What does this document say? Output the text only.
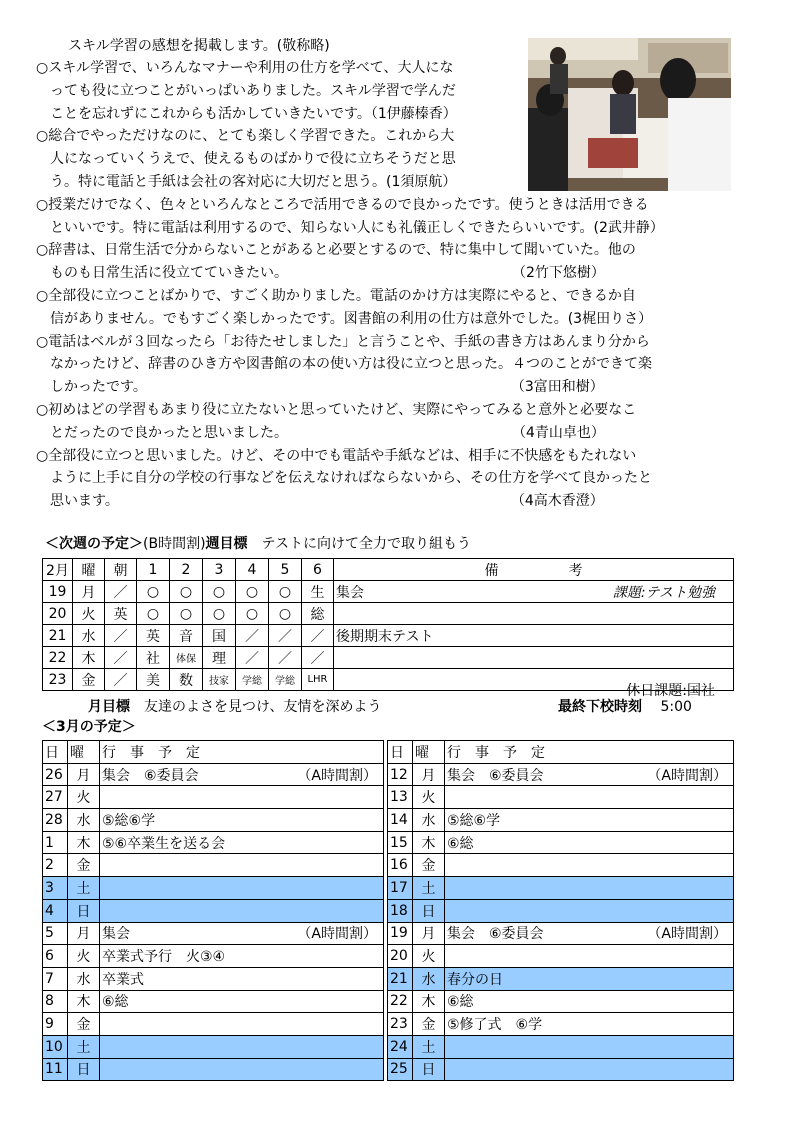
スキル学習の感想を掲載します。(敬称略)
○スキル学習で、いろんなマナーや利用の仕方を学べて、大人にな
　っても役に立つことがいっぱいありました。スキル学習で学んだ
　ことを忘れずにこれからも活かしていきたいです。（1伊藤榛香）
○総合でやっただけなのに、とても楽しく学習できた。これから大
　人になっていくうえで、使えるものばかりで役に立ちそうだと思
　う。特に電話と手紙は会社の客対応に大切だと思う。(1須原航）
○授業だけでなく、色々といろんなところで活用できるので良かったです。使うときは活用できる
　といいです。特に電話は利用するので、知らない人にも礼儀正しくできたらいいです。(2武井静）
○辞書は、日常生活で分からないことがあると必要とするので、特に集中して聞いていた。他の
　ものも日常生活に役立てていきたい。　　　　　　　　　　　　　　　　　（2竹下悠樹）
○全部役に立つことばかりで、すごく助かりました。電話のかけ方は実際にやると、できるか自
　信がありません。でもすごく楽しかったです。図書館の利用の仕方は意外でした。(3梶田りさ）
○電話はベルが３回なったら「お待たせしました」と言うことや、手紙の書き方はあんまり分から
　なかったけど、辞書のひき方や図書館の本の使い方は役に立つと思った。４つのことができて楽
　しかったです。　　　　　　　　　　　　　　　　　　　　　　　　　　　（3富田和樹）
○初めはどの学習もあまり役に立たないと思っていたけど、実際にやってみると意外と必要なこ
　とだったので良かったと思いました。　　　　　　　　　　　　　　　　　（4青山卓也）
○全部役に立つと思いました。けど、その中でも電話や手紙などは、相手に不快感をもたれない
　ように上手に自分の学校の行事などを伝えなければならないから、その仕方を学べて良かったと
　思います。　　　　　　　　　　　　　　　　　　　　　　　　　　　　　（4高木香澄）
＜次週の予定＞(B時間割)週目標　 テストに向けて全力で取り組もう
2月	曜	朝	1	2	3	4	5	6	備　　　　　考
19	月	／	○	○	○	○	○	生	集会 課題:テスト勉強

20	火	英	○	○	○	○	○	総	
21	水	／	英	音	国	／	／	／	後期期末テスト
22	木	／	社	体保	理	／	／	／	
23	金	／	美	数	技家	学総	学総	LHR	休日課題:国社
月目標　 友達のよさを見つけ、友情を深めよう	最終下校時刻　 5:00
＜3月の予定＞
日	曜	行　事　予　定
26	月	集会　⑥委員会 （A時間割）

27	火	
28	水	⑤総⑥学
1	木	⑤⑥卒業生を送る会
2	金	
3	土	
4	日	
5	月	集会 （A時間割）

6	火	卒業式予行　火③④
7	水	卒業式
8	木	⑥総
9	金	
10	土	
11	日	
日	曜	行　事　予　定
12	月	集会　⑥委員会 （A時間割）

13	火	
14	水	⑤総⑥学
15	木	⑥総
16	金	
17	土	
18	日	
19	月	集会　⑥委員会 （A時間割）

20	火	
21	水	春分の日
22	木	⑥総
23	金	⑤修了式　⑥学
24	土	
25	日	
